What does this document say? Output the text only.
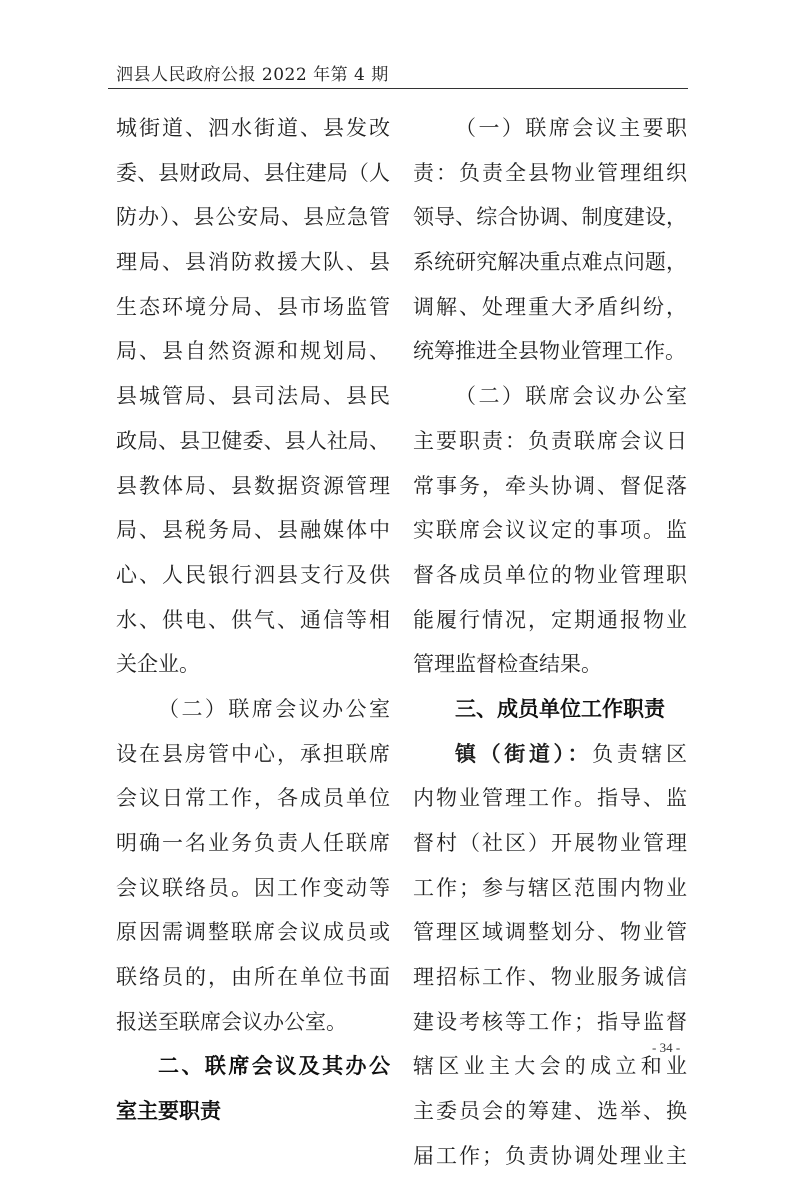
泗县人民政府公报 2022 年第 4 期
城街道、泗水街道、县发改
委、县财政局、县住建局（人
防办）、县公安局、县应急管
理局、县消防救援大队、县
生态环境分局、县市场监管
局、县自然资源和规划局、
县城管局、县司法局、县民
政局、县卫健委、县人社局、
县教体局、县数据资源管理
局、县税务局、县融媒体中
心、人民银行泗县支行及供
水、供电、供气、通信等相
关企业。
（二）联席会议办公室
设在县房管中心，承担联席
会议日常工作，各成员单位
明确一名业务负责人任联席
会议联络员。因工作变动等
原因需调整联席会议成员或
联络员的，由所在单位书面
报送至联席会议办公室。
二、联席会议及其办公
室主要职责
（一）联席会议主要职
责：负责全县物业管理组织
领导、综合协调、制度建设，
系统研究解决重点难点问题，
调解、处理重大矛盾纠纷，
统筹推进全县物业管理工作。
（二）联席会议办公室
主要职责：负责联席会议日
常事务，牵头协调、督促落
实联席会议议定的事项。监
督各成员单位的物业管理职
能履行情况，定期通报物业
管理监督检查结果。
三、成员单位工作职责
镇（街道）：负责辖区
内物业管理工作。指导、监
督村（社区）开展物业管理
工作；参与辖区范围内物业
管理区域调整划分、物业管
理招标工作、物业服务诚信
建设考核等工作；指导监督
辖区业主大会的成立和业
主委员会的筹建、选举、换
届工作；负责协调处理业主
- 34 -
